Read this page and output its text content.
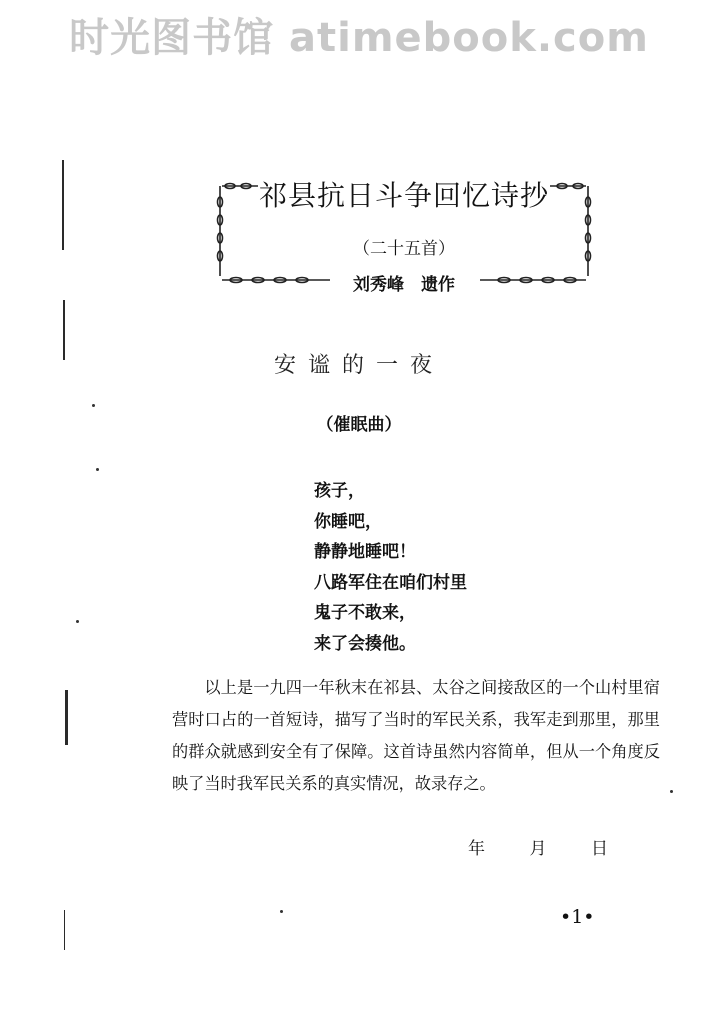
时光图书馆 atimebook.com
祁县抗日斗争回忆诗抄
（二十五首）
刘秀峰　遗作
安谧的一夜
（催眠曲）
孩子，
你睡吧，
静静地睡吧！
八路军住在咱们村里
鬼子不敢来，
来了会揍他。

以上是一九四一年秋末在祁县、太谷之间接敌区的一个山村里宿营时口占的一首短诗，描写了当时的军民关系，我军走到那里，那里的群众就感到安全有了保障。这首诗虽然内容简单，但从一个角度反映了当时我军民关系的真实情况，故录存之。

年	月	日
•1•
